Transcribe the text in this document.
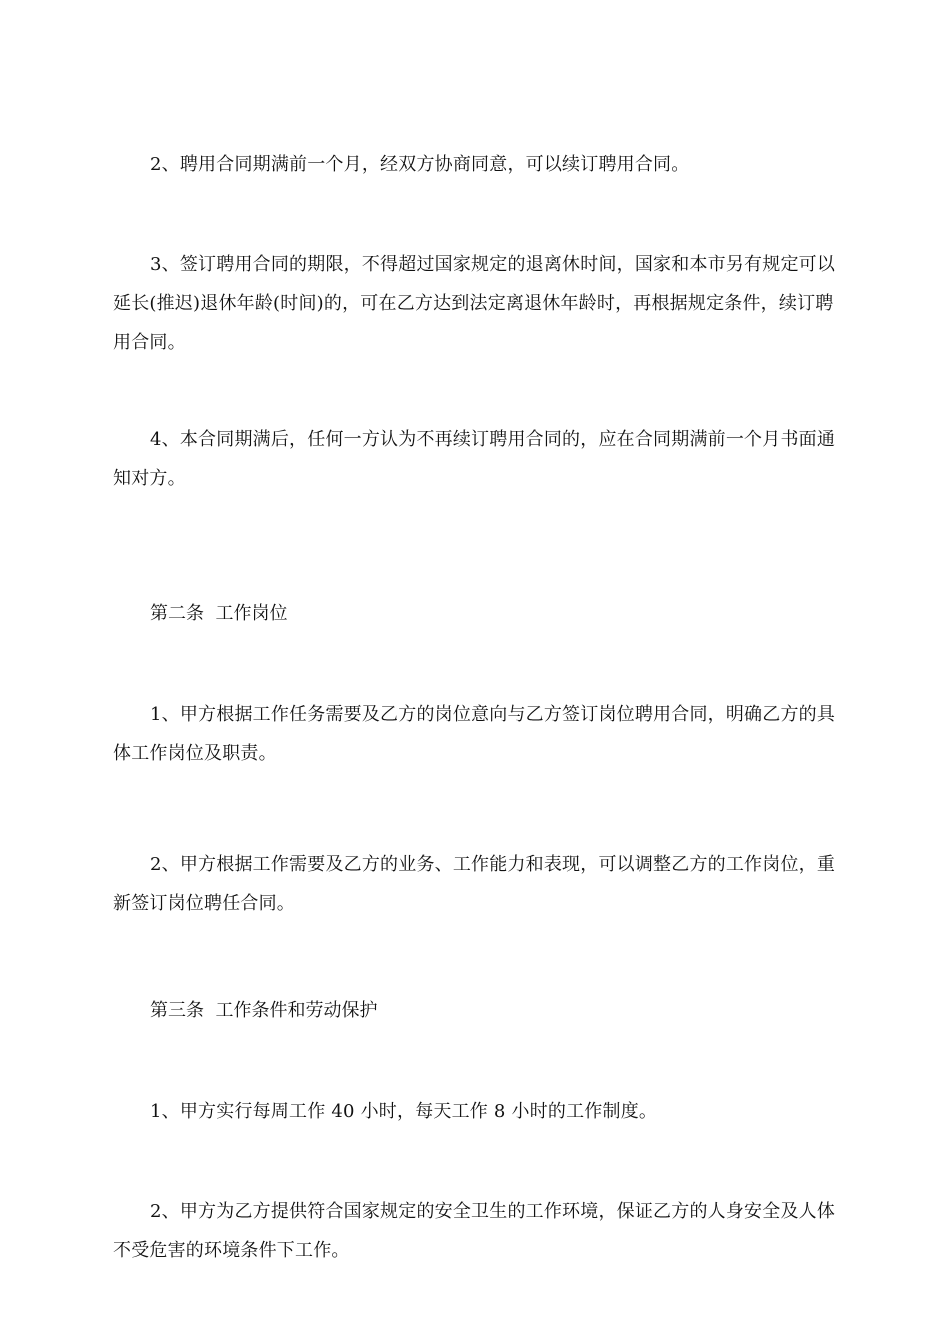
2、聘用合同期满前一个月，经双方协商同意，可以续订聘用合同。

3、签订聘用合同的期限，不得超过国家规定的退离休时间，国家和本市另有规定可以延长(推迟)退休年龄(时间)的，可在乙方达到法定离退休年龄时，再根据规定条件，续订聘用合同。

4、本合同期满后，任何一方认为不再续订聘用合同的，应在合同期满前一个月书面通知对方。

第二条  工作岗位

1、甲方根据工作任务需要及乙方的岗位意向与乙方签订岗位聘用合同，明确乙方的具体工作岗位及职责。

2、甲方根据工作需要及乙方的业务、工作能力和表现，可以调整乙方的工作岗位，重新签订岗位聘任合同。

第三条  工作条件和劳动保护

1、甲方实行每周工作 40 小时，每天工作 8 小时的工作制度。

2、甲方为乙方提供符合国家规定的安全卫生的工作环境，保证乙方的人身安全及人体不受危害的环境条件下工作。
